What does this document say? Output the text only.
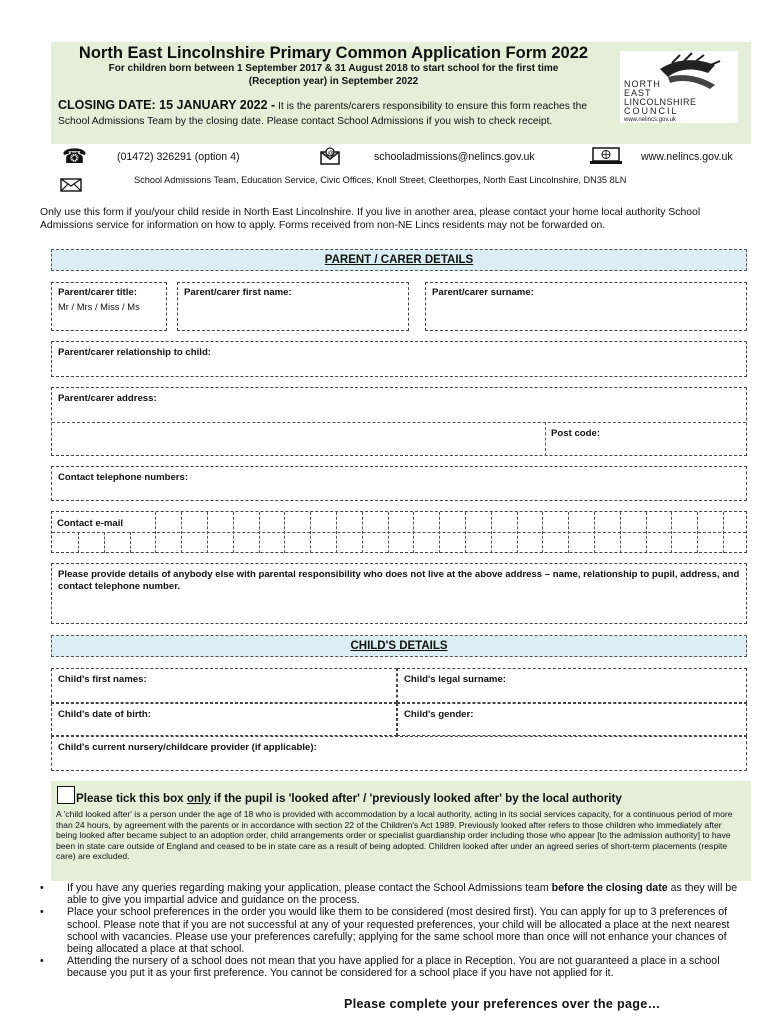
North East Lincolnshire Primary Common Application Form 2022
For children born between 1 September 2017 & 31 August 2018 to start school for the first time
(Reception year) in September 2022
CLOSING DATE: 15 JANUARY 2022 - It is the parents/carers responsibility to ensure this form reaches the School Admissions Team by the closing date. Please contact School Admissions if you wish to check receipt.
NORTH
EAST
LINCOLNSHIRE
COUNCIL
www.nelincs.gov.uk
☎	(01472) 326291 (option 4)	@	schooladmissions@nelincs.gov.uk	www.nelincs.gov.uk
School Admissions Team, Education Service, Civic Offices, Knoll Street, Cleethorpes, North East Lincolnshire, DN35 8LN
Only use this form if you/your child reside in North East Lincolnshire. If you live in another area, please contact your home local authority School Admissions service for information on how to apply. Forms received from non-NE Lincs residents may not be forwarded on.
PARENT / CARER DETAILS
Parent/carer title:
Mr / Mrs / Miss / Ms
Parent/carer first name:	Parent/carer surname:
Parent/carer relationship to child:
Parent/carer address:
Post code:
Contact telephone numbers:
Contact e-mail
Please provide details of anybody else with parental responsibility who does not live at the above address – name, relationship to pupil, address, and contact telephone number.
CHILD'S DETAILS
Child's first names:	Child's legal surname:
Child's date of birth:	Child's gender:
Child's current nursery/childcare provider (if applicable):
Please tick this box only if the pupil is 'looked after' / 'previously looked after' by the local authority
A 'child looked after' is a person under the age of 18 who is provided with accommodation by a local authority, acting in its social services capacity, for a continuous period of more than 24 hours, by agreement with the parents or in accordance with section 22 of the Children's Act 1989. Previously looked after refers to those children who immediately after being looked after became subject to an adoption order, child arrangements order or specialist guardianship order including those who appear [to the admission authority] to have been in state care outside of England and ceased to be in state care as a result of being adopted. Children looked after under an agreed series of short-term placements (respite care) are excluded.
• If you have any queries regarding making your application, please contact the School Admissions team before the closing date as they will be able to give you impartial advice and guidance on the process.
• Place your school preferences in the order you would like them to be considered (most desired first). You can apply for up to 3 preferences of school. Please note that if you are not successful at any of your requested preferences, your child will be allocated a place at the next nearest school with vacancies. Please use your preferences carefully; applying for the same school more than once will not enhance your chances of being allocated a place at that school.
• Attending the nursery of a school does not mean that you have applied for a place in Reception. You are not guaranteed a place in a school because you put it as your first preference. You cannot be considered for a school place if you have not applied for it.
Please complete your preferences over the page…
